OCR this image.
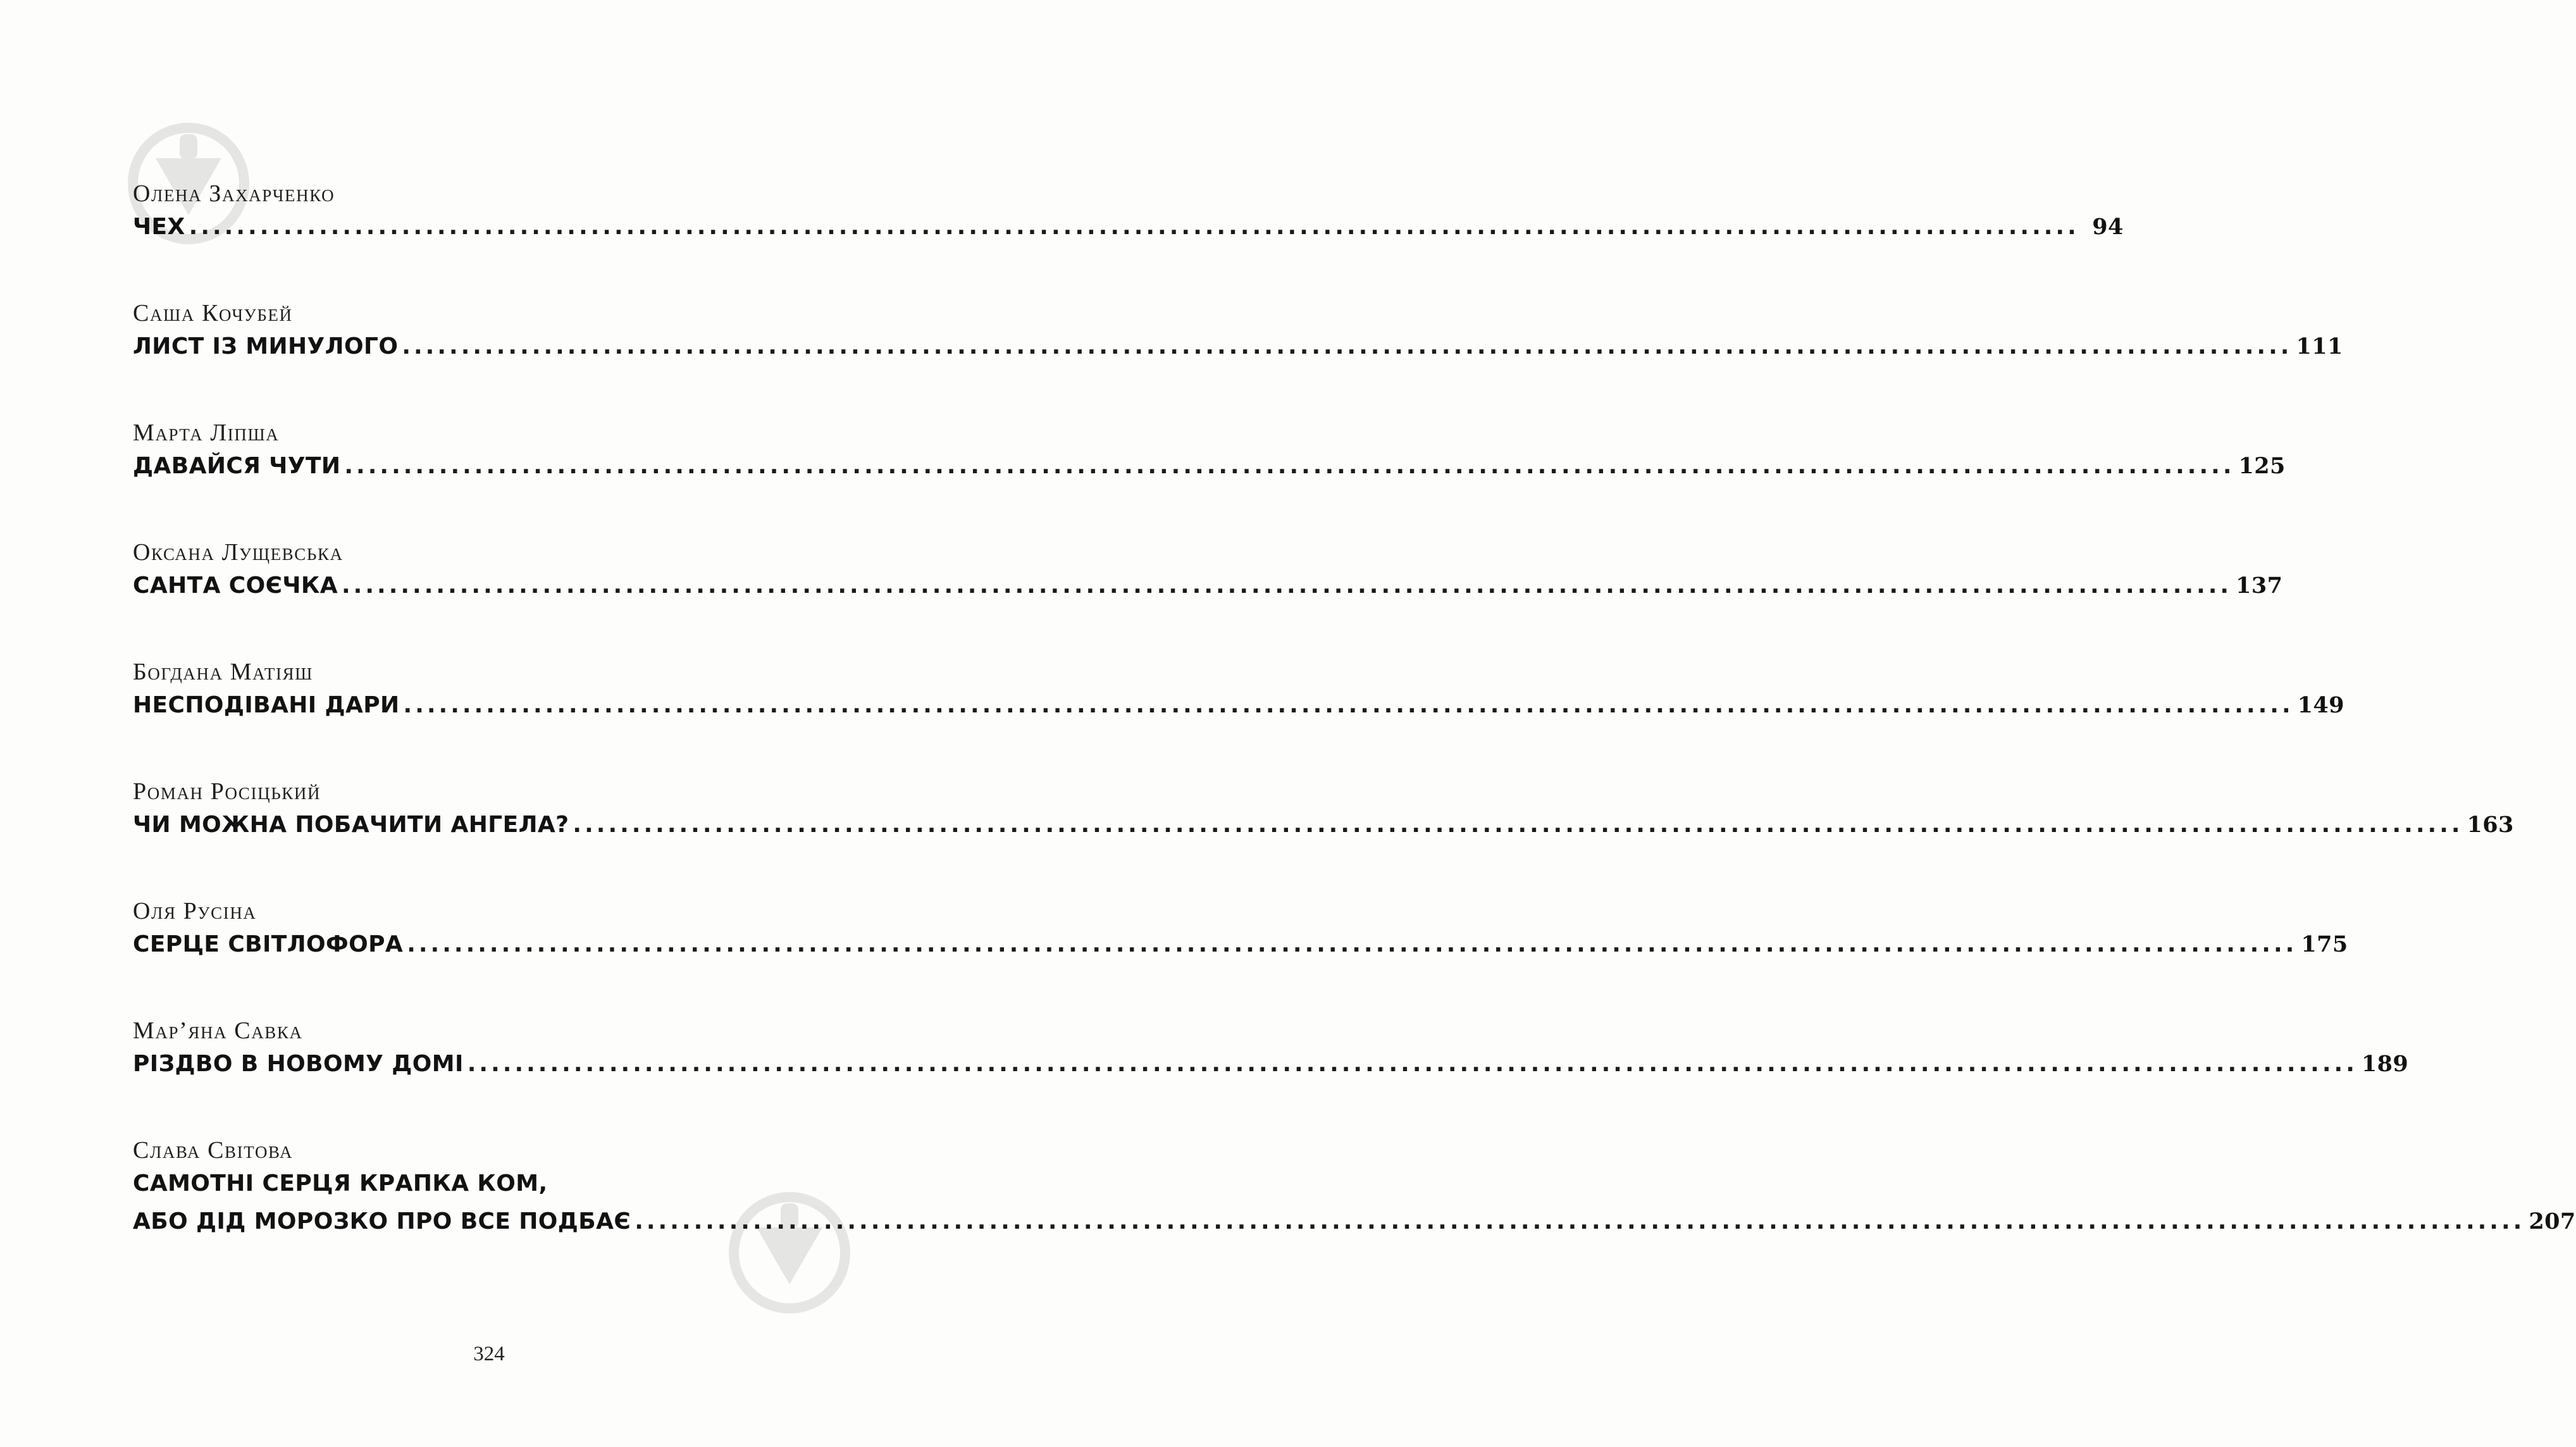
Олена Захарченко
ЧЕХ ................................................................................................................................................................ 94
Саша Кочубей
ЛИСТ ІЗ МИНУЛОГО ................................................................................................................................................................ 111
Марта Ліпша
ДАВАЙСЯ ЧУТИ ................................................................................................................................................................ 125
Оксана Лущевська
САНТА СОЄЧКА ................................................................................................................................................................ 137
Богдана Матіяш
НЕСПОДІВАНІ ДАРИ ................................................................................................................................................................ 149
Роман Росіцький
ЧИ МОЖНА ПОБАЧИТИ АНГЕЛА? ................................................................................................................................................................ 163
Оля Русіна
СЕРЦЕ СВІТЛОФОРА ................................................................................................................................................................ 175
Мар’яна Савка
РІЗДВО В НОВОМУ ДОМІ ................................................................................................................................................................ 189
Слава Світова
САМОТНІ СЕРЦЯ КРАПКА КОМ,
АБО ДІД МОРОЗКО ПРО ВСЕ ПОДБАЄ ................................................................................................................................................................ 207
324
